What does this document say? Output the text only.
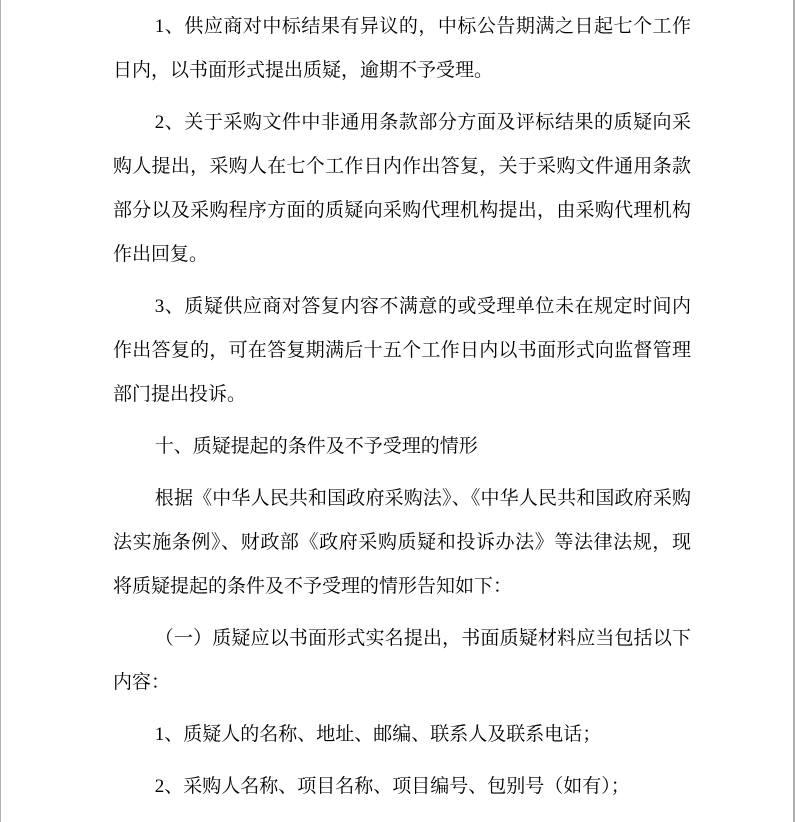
1、供应商对中标结果有异议的，中标公告期满之日起七个工作日内，以书面形式提出质疑，逾期不予受理。

2、关于采购文件中非通用条款部分方面及评标结果的质疑向采购人提出，采购人在七个工作日内作出答复，关于采购文件通用条款部分以及采购程序方面的质疑向采购代理机构提出，由采购代理机构作出回复。

3、质疑供应商对答复内容不满意的或受理单位未在规定时间内作出答复的，可在答复期满后十五个工作日内以书面形式向监督管理部门提出投诉。

十、质疑提起的条件及不予受理的情形

根据《中华人民共和国政府采购法》、《中华人民共和国政府采购法实施条例》、财政部《政府采购质疑和投诉办法》等法律法规，现将质疑提起的条件及不予受理的情形告知如下：

（一）质疑应以书面形式实名提出，书面质疑材料应当包括以下内容：

1、质疑人的名称、地址、邮编、联系人及联系电话；

2、采购人名称、项目名称、项目编号、包别号（如有）；
